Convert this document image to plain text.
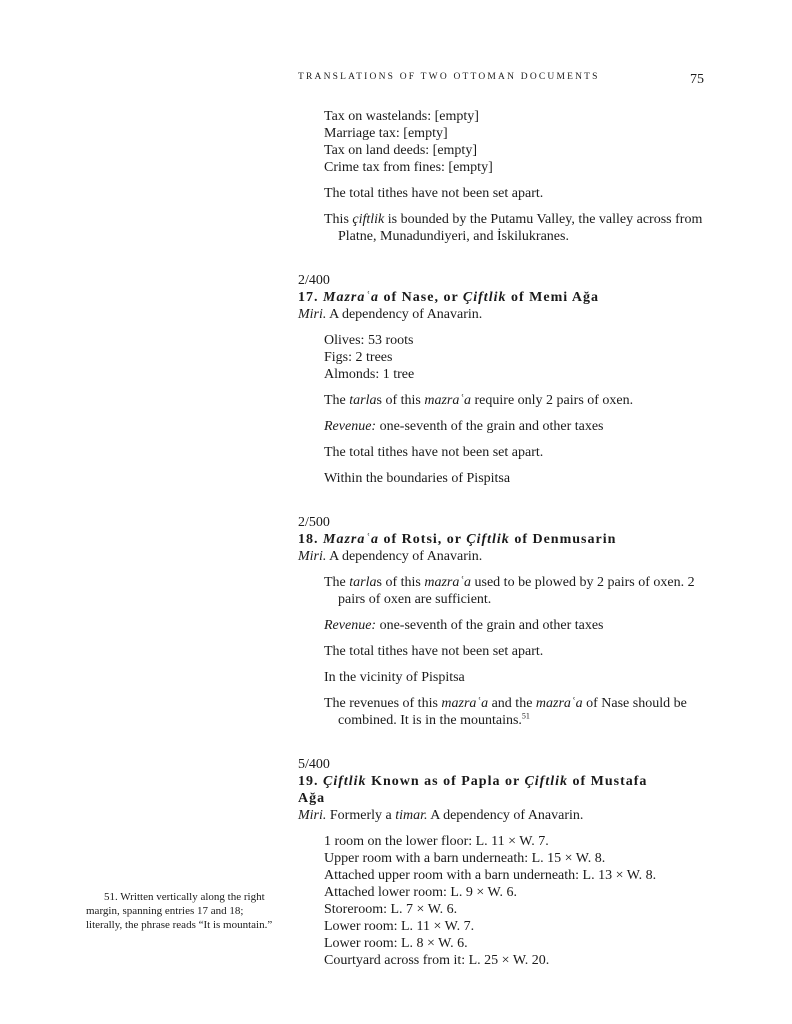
TRANSLATIONS OF TWO OTTOMAN DOCUMENTS	75
Tax on wastelands: [empty]
Marriage tax: [empty]
Tax on land deeds: [empty]
Crime tax from fines: [empty]
The total tithes have not been set apart.
This çiftlik is bounded by the Putamu Valley, the valley across from Platne, Munadundiyeri, and İskilukranes.
2/400
17. Mazraʿa of Nase, or Çiftlik of Memi Ağa
Miri. A dependency of Anavarin.
Olives: 53 roots
Figs: 2 trees
Almonds: 1 tree
The tarlas of this mazraʿa require only 2 pairs of oxen.
Revenue: one-seventh of the grain and other taxes
The total tithes have not been set apart.
Within the boundaries of Pispitsa
2/500
18. Mazraʿa of Rotsi, or Çiftlik of Denmusarin
Miri. A dependency of Anavarin.
The tarlas of this mazraʿa used to be plowed by 2 pairs of oxen. 2 pairs of oxen are sufficient.
Revenue: one-seventh of the grain and other taxes
The total tithes have not been set apart.
In the vicinity of Pispitsa
The revenues of this mazraʿa and the mazraʿa of Nase should be combined. It is in the mountains.$^{51}$
5/400
19. Çiftlik Known as of Papla or Çiftlik of Mustafa Ağa
Miri. Formerly a timar. A dependency of Anavarin.
1 room on the lower floor: L. 11 × W. 7.
Upper room with a barn underneath: L. 15 × W. 8.
Attached upper room with a barn underneath: L. 13 × W. 8.
Attached lower room: L. 9 × W. 6.
Storeroom: L. 7 × W. 6.
Lower room: L. 11 × W. 7.
Lower room: L. 8 × W. 6.
Courtyard across from it: L. 25 × W. 20.
51. Written vertically along the right margin, spanning entries 17 and 18; literally, the phrase reads “It is mountain.”
